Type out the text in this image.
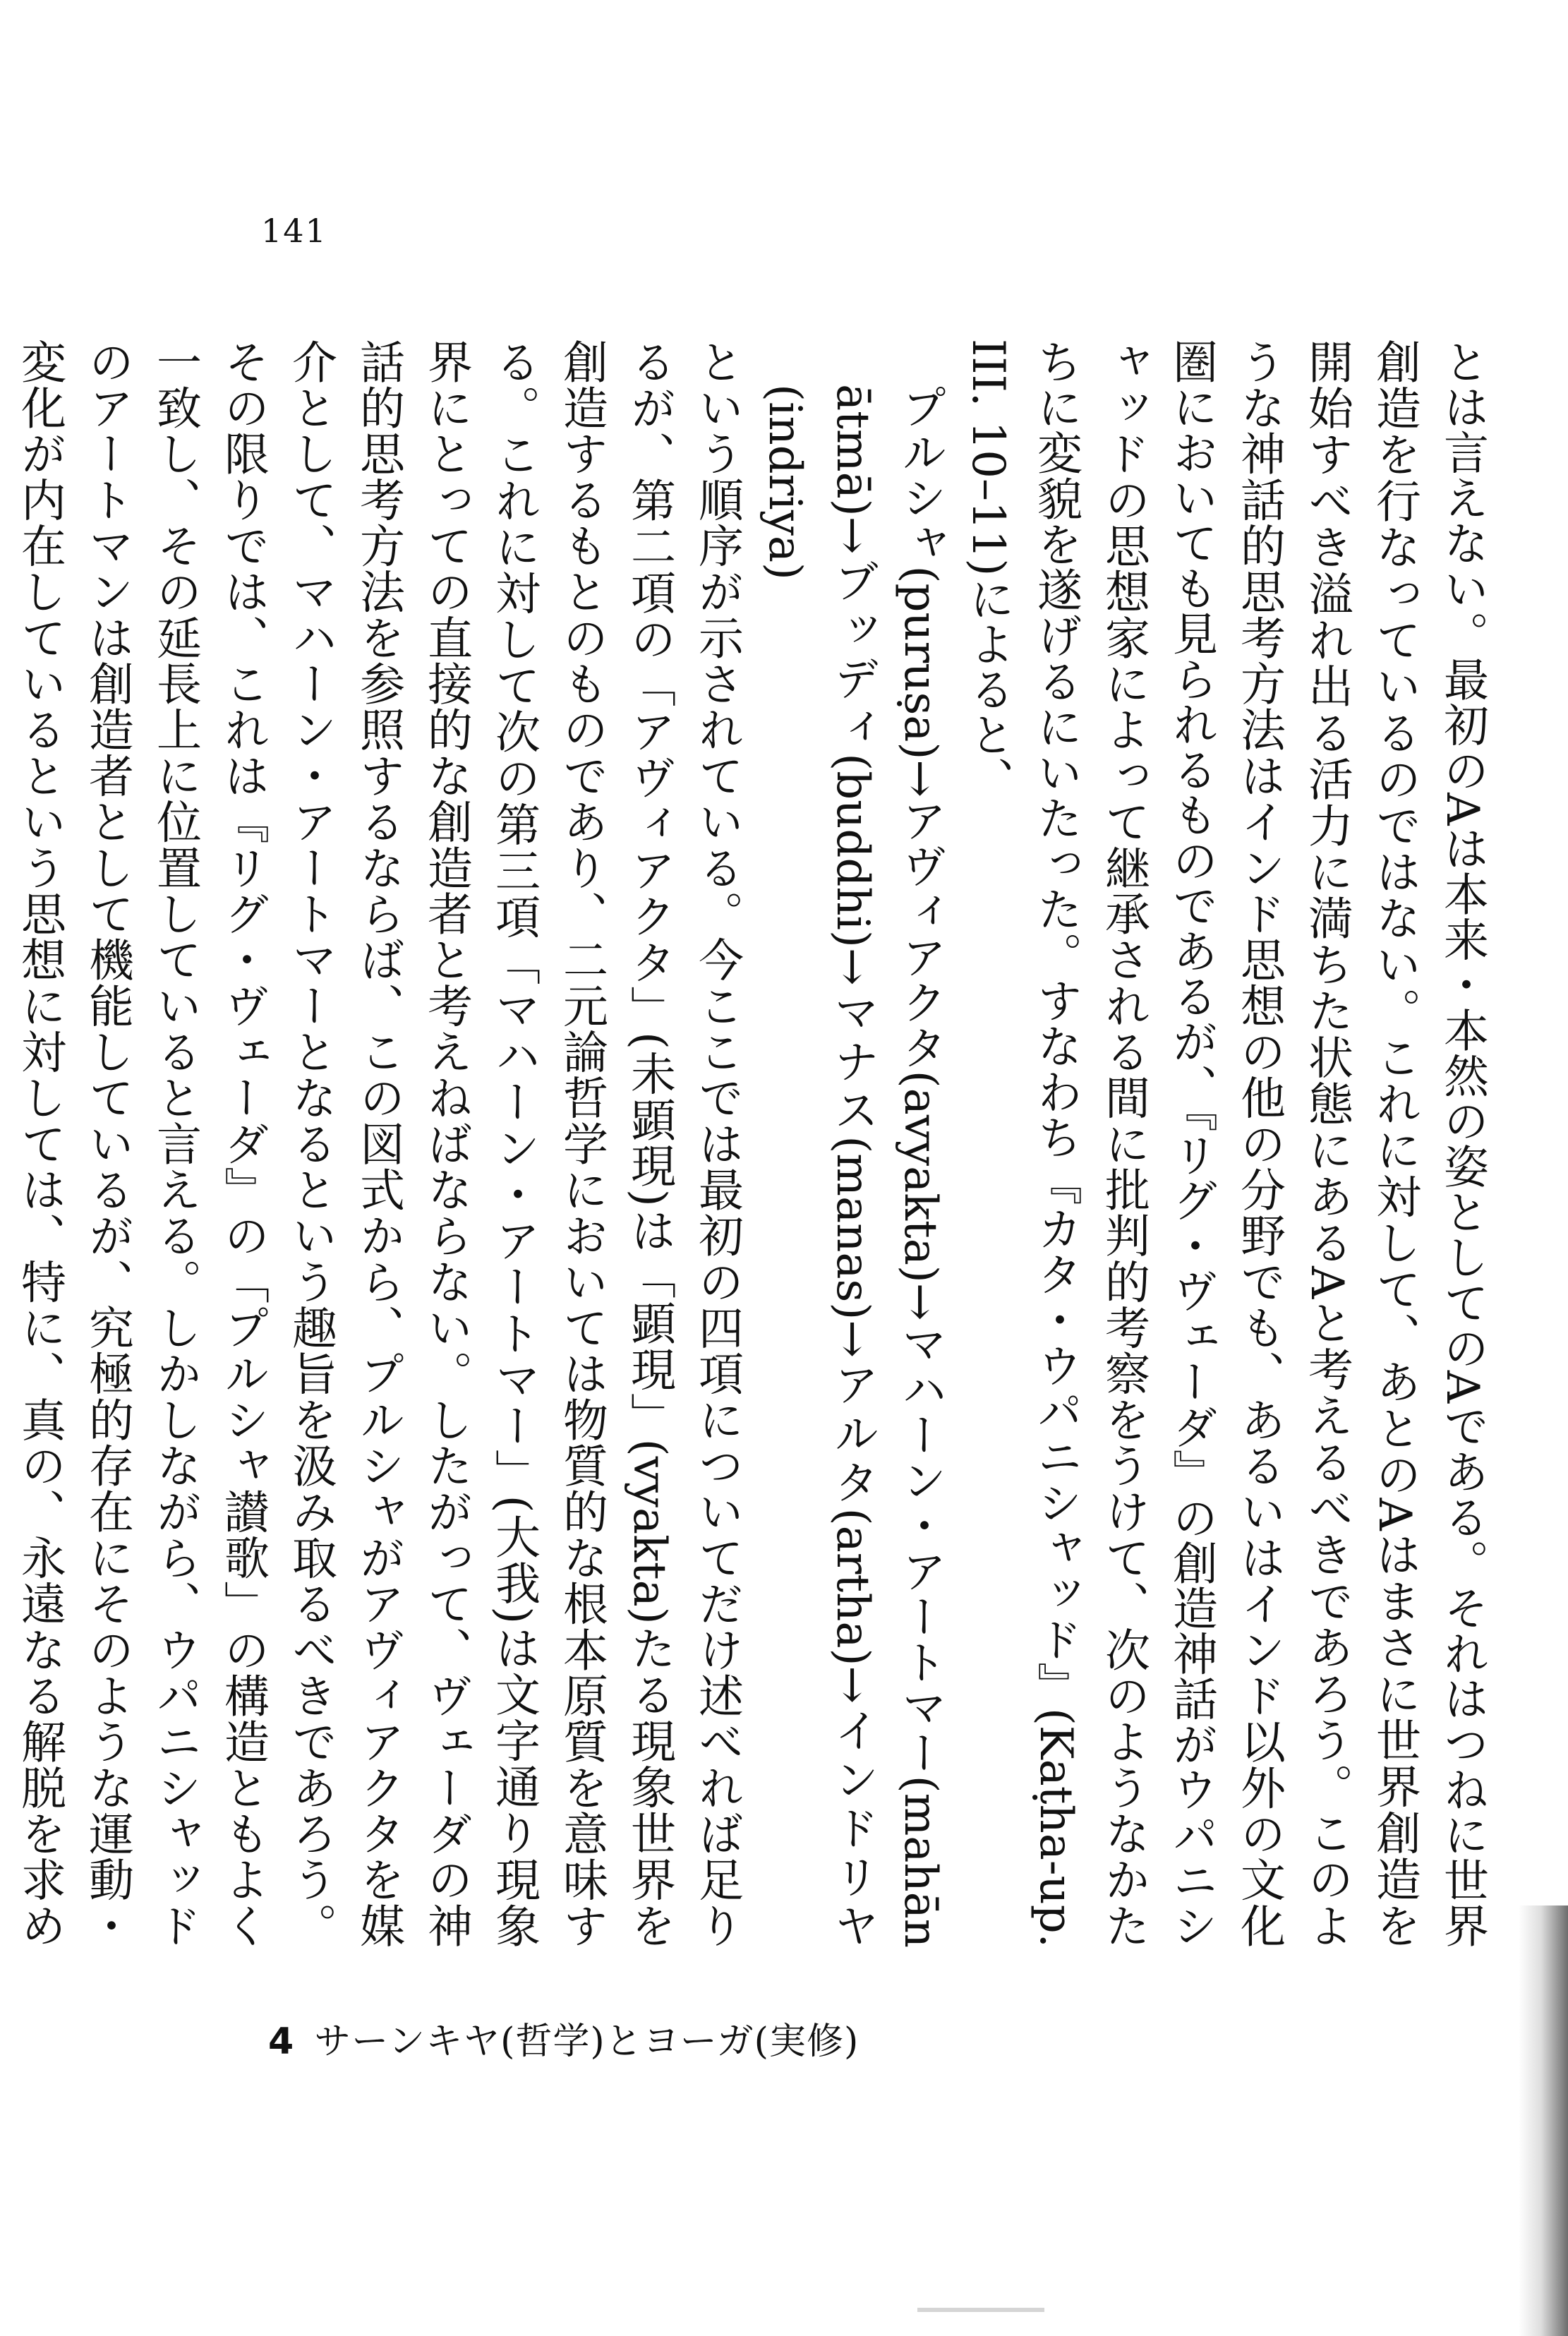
141

とは言えない。最初のAは本来・本然の姿としてのAである。それはつねに世界創造を行なっているのではない。これに対して、あとのAはまさに世界創造を開始すべき溢れ出る活力に満ちた状態にあるAと考えるべきであろう。このような神話的思考方法はインド思想の他の分野でも、あるいはインド以外の文化圏においても見られるものであるが、『リグ・ヴェーダ』の創造神話がウパニシャッドの思想家によって継承される間に批判的考察をうけて、次のようなかたちに変貌を遂げるにいたった。すなわち『カタ・ウパニシャッド』(Kaṭha-up. III. 10–11)によると、

プルシャ(puruṣa)→アヴィアクタ(avyakta)→マハーン・アートマー(mahān ātmā)→ブッディ(buddhi)→マナス(manas)→アルタ(artha)→インドリヤ(indriya)

という順序が示されている。今ここでは最初の四項についてだけ述べれば足りるが、第二項の「アヴィアクタ」(未顕現)は「顕現」(vyakta)たる現象世界を創造するもとのものであり、二元論哲学においては物質的な根本原質を意味する。これに対して次の第三項「マハーン・アートマー」(大我)は文字通り現象界にとっての直接的な創造者と考えねばならない。したがって、ヴェーダの神話的思考方法を参照するならば、この図式から、プルシャがアヴィアクタを媒介として、マハーン・アートマーとなるという趣旨を汲み取るべきであろう。その限りでは、これは『リグ・ヴェーダ』の「プルシャ讃歌」の構造ともよく一致し、その延長上に位置していると言える。しかしながら、ウパニシャッドのアートマンは創造者として機能しているが、究極的存在にそのような運動・変化が内在しているという思想に対しては、特に、真の、永遠なる解脱を求め

4 サーンキヤ(哲学)とヨーガ(実修)
